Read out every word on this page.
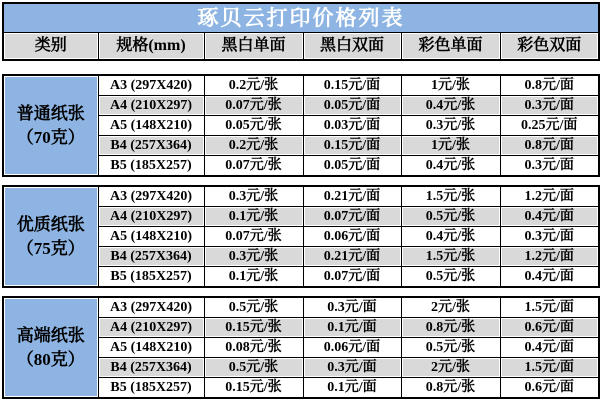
琢贝云打印价格列表
类别	规格(mm)	黑白单面	黑白双面	彩色单面	彩色双面
普通纸张
（70克）	A3 (297X420)	0.2元/张	0.15元/面	1元/张	0.8元/面
	A4 (210X297)	0.07元/张	0.05元/面	0.4元/张	0.3元/面
	A5 (148X210)	0.05元/张	0.03元/面	0.3元/张	0.25元/面
	B4 (257X364)	0.2元/张	0.15元/面	1元/张	0.8元/面
	B5 (185X257)	0.07元/张	0.05元/面	0.4元/张	0.3元/面
优质纸张
（75克）	A3 (297X420)	0.3元/张	0.21元/面	1.5元/张	1.2元/面
	A4 (210X297)	0.1元/张	0.07元/面	0.5元/张	0.4元/面
	A5 (148X210)	0.07元/张	0.06元/面	0.4元/张	0.3元/面
	B4 (257X364)	0.3元/张	0.21元/面	1.5元/张	1.2元/面
	B5 (185X257)	0.1元/张	0.07元/面	0.5元/张	0.4元/面
高端纸张
（80克）	A3 (297X420)	0.5元/张	0.3元/面	2元/张	1.5元/面
	A4 (210X297)	0.15元/张	0.1元/面	0.8元/张	0.6元/面
	A5 (148X210)	0.08元/张	0.06元/面	0.5元/张	0.4元/面
	B4 (257X364)	0.5元/张	0.3元/面	2元/张	1.5元/面
	B5 (185X257)	0.15元/张	0.1元/面	0.8元/张	0.6元/面
